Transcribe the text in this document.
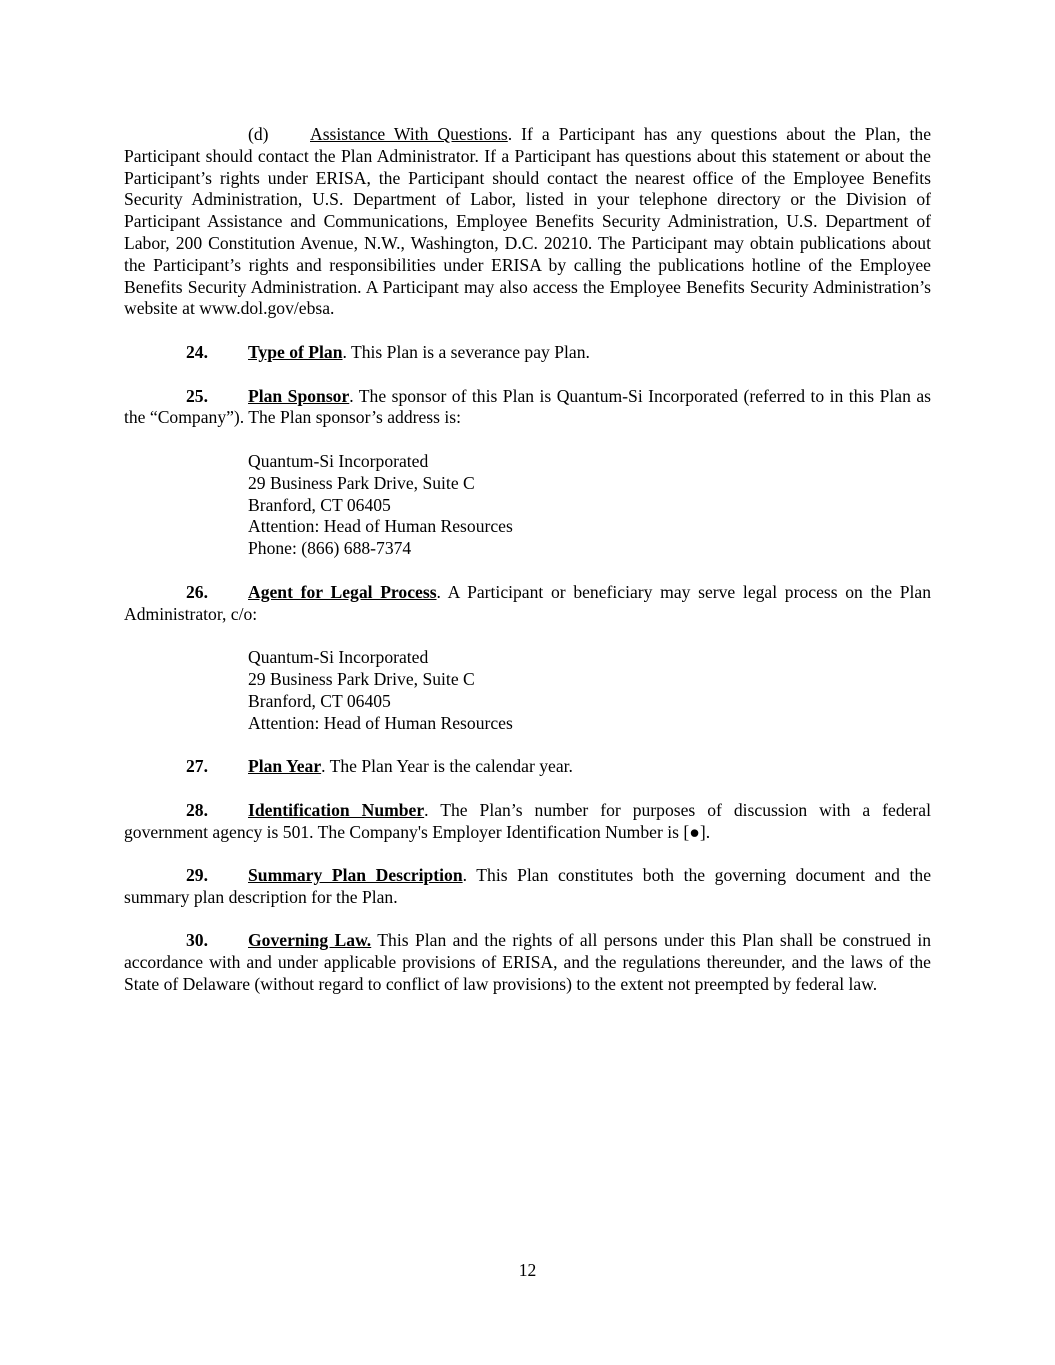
(d) Assistance With Questions. If a Participant has any questions about the Plan, the Participant should contact the Plan Administrator. If a Participant has questions about this statement or about the Participant’s rights under ERISA, the Participant should contact the nearest office of the Employee Benefits Security Administration, U.S. Department of Labor, listed in your telephone directory or the Division of Participant Assistance and Communications, Employee Benefits Security Administration, U.S. Department of Labor, 200 Constitution Avenue, N.W., Washington, D.C. 20210. The Participant may obtain publications about the Participant’s rights and responsibilities under ERISA by calling the publications hotline of the Employee Benefits Security Administration. A Participant may also access the Employee Benefits Security Administration’s website at www.dol.gov/ebsa.

24. Type of Plan. This Plan is a severance pay Plan.

25. Plan Sponsor. The sponsor of this Plan is Quantum-Si Incorporated (referred to in this Plan as the “Company”). The Plan sponsor’s address is:

Quantum-Si Incorporated
29 Business Park Drive, Suite C
Branford, CT 06405
Attention: Head of Human Resources
Phone: (866) 688-7374

26. Agent for Legal Process. A Participant or beneficiary may serve legal process on the Plan Administrator, c/o:

Quantum-Si Incorporated
29 Business Park Drive, Suite C
Branford, CT 06405
Attention: Head of Human Resources

27. Plan Year. The Plan Year is the calendar year.

28. Identification Number. The Plan’s number for purposes of discussion with a federal government agency is 501. The Company's Employer Identification Number is [●].

29. Summary Plan Description. This Plan constitutes both the governing document and the summary plan description for the Plan.

30. Governing Law. This Plan and the rights of all persons under this Plan shall be construed in accordance with and under applicable provisions of ERISA, and the regulations thereunder, and the laws of the State of Delaware (without regard to conflict of law provisions) to the extent not preempted by federal law.

12
